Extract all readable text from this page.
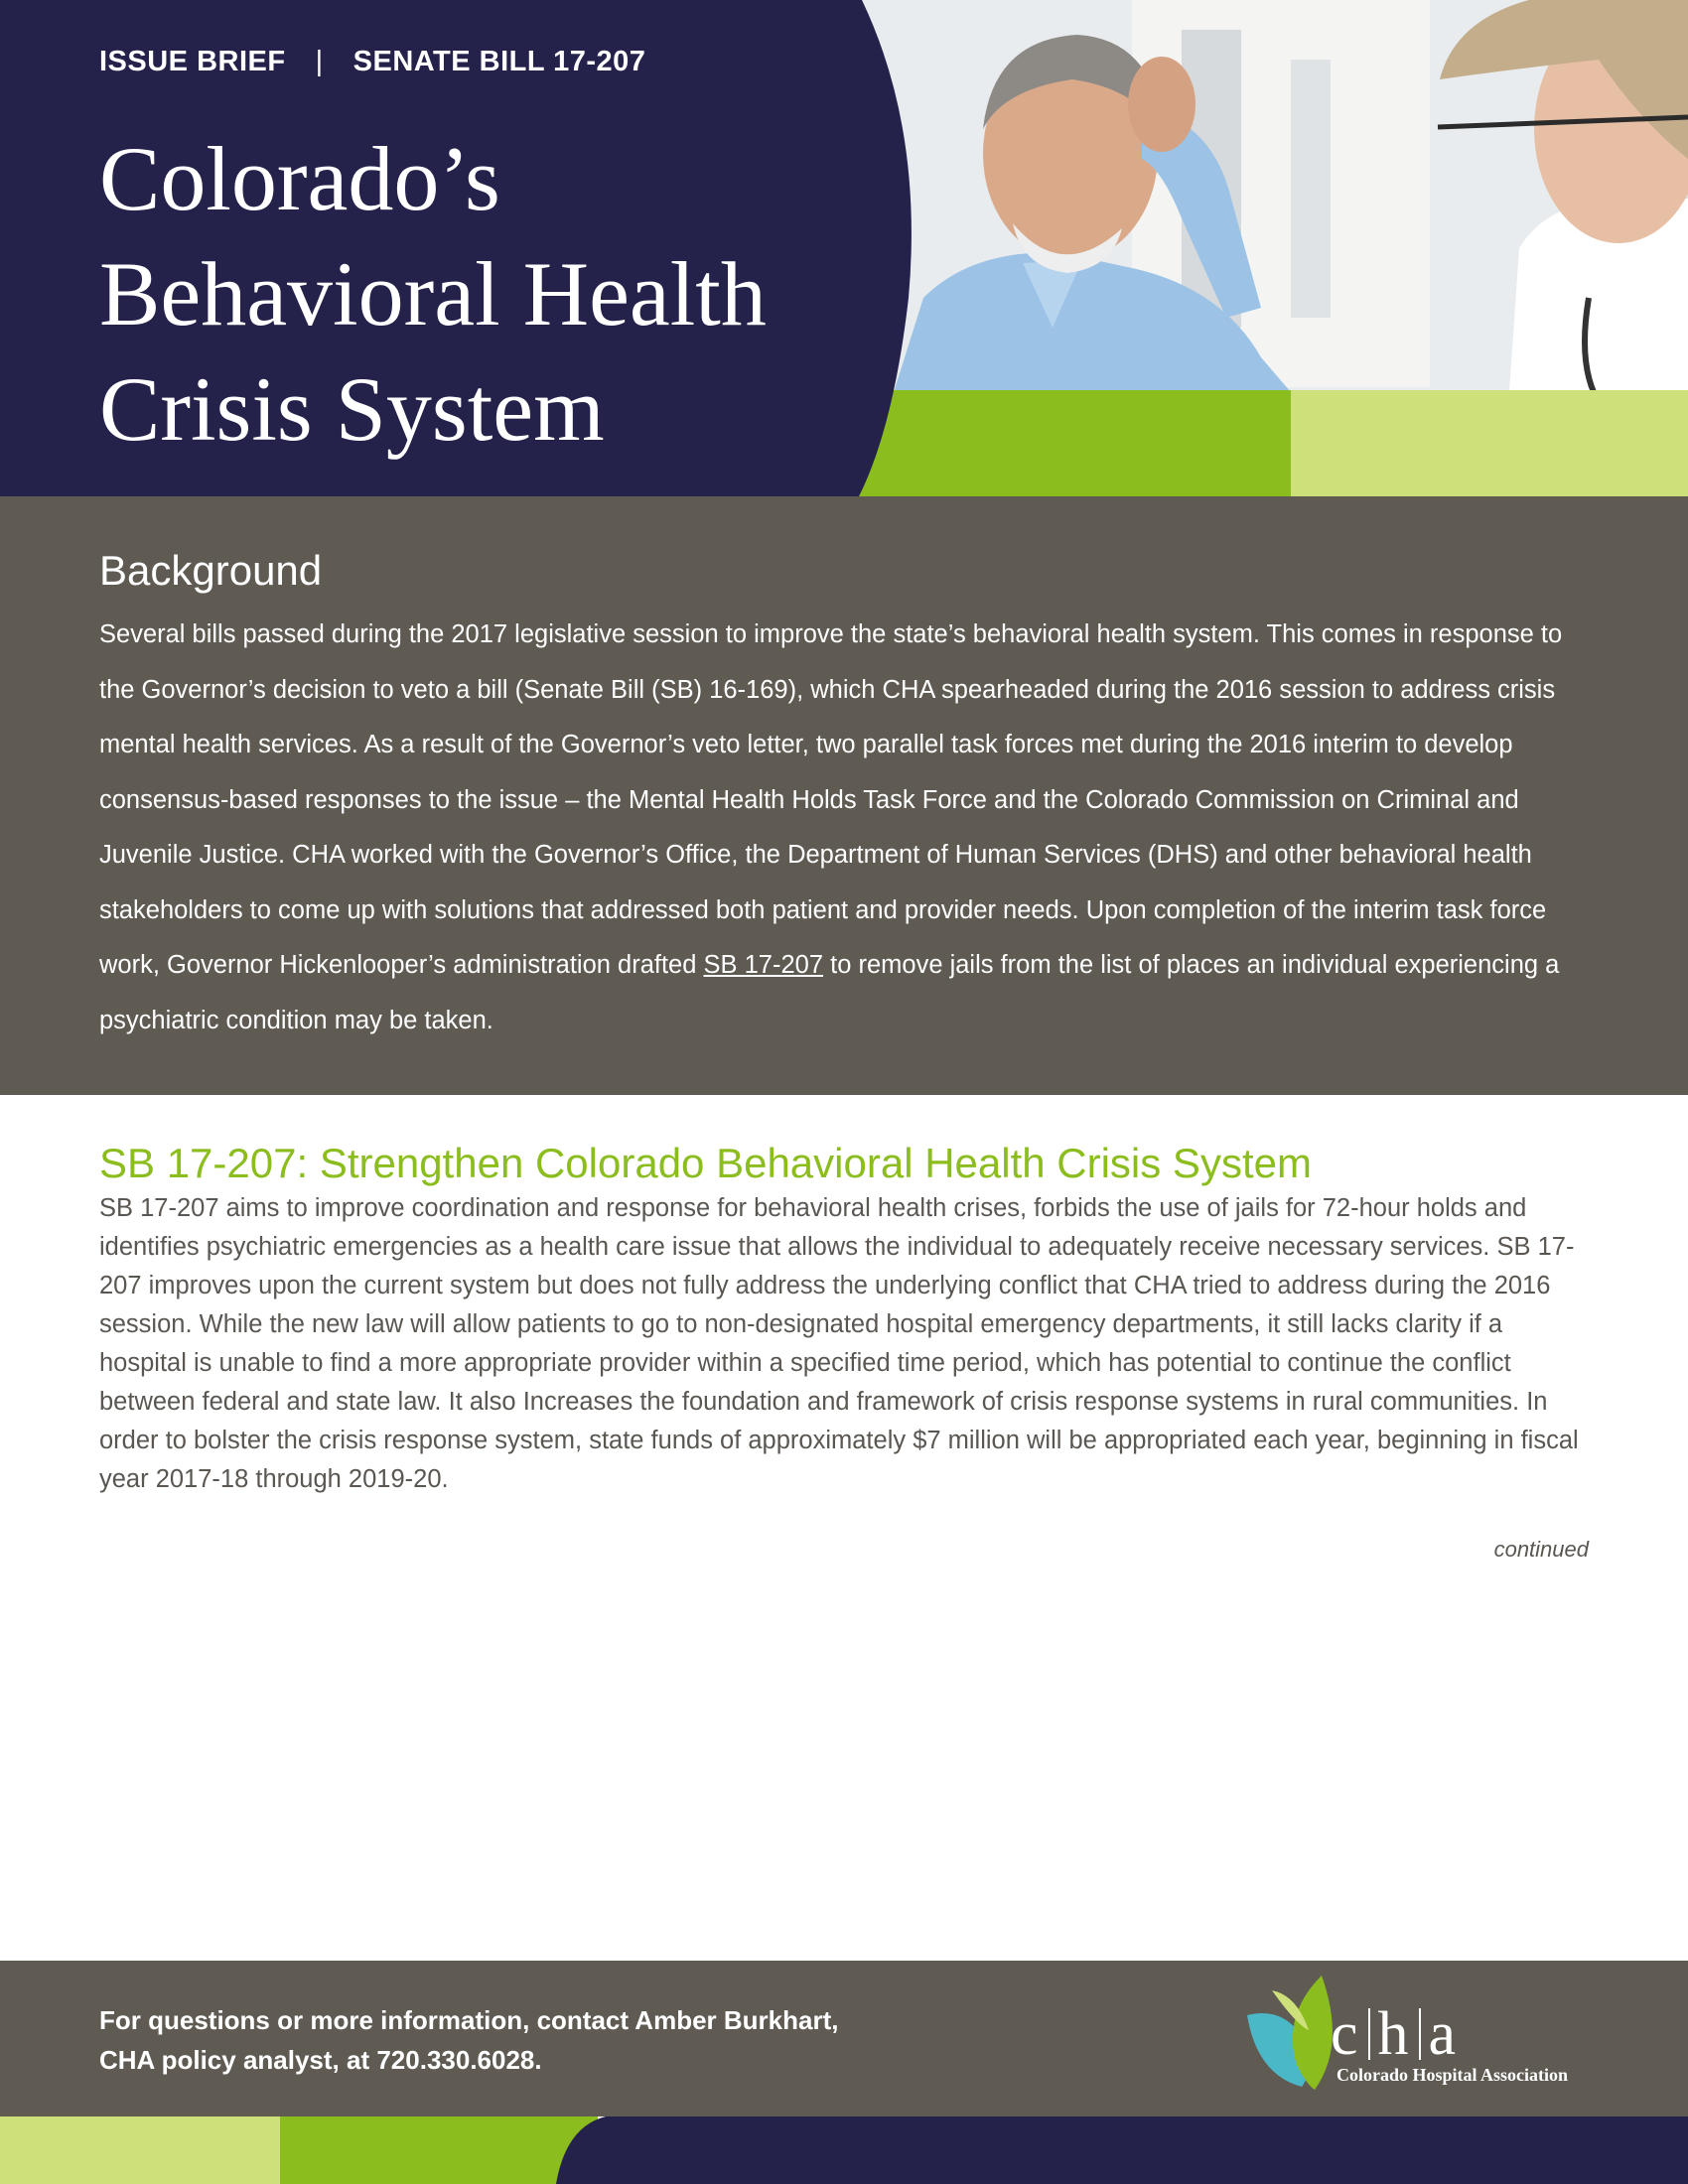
ISSUE BRIEF | SENATE BILL 17-207
Colorado’s
Behavioral Health
Crisis System
Background

Several bills passed during the 2017 legislative session to improve the state’s behavioral health system. This comes in response to the Governor’s decision to veto a bill (Senate Bill (SB) 16-169), which CHA spearheaded during the 2016 session to address crisis mental health services. As a result of the Governor’s veto letter, two parallel task forces met during the 2016 interim to develop consensus-based responses to the issue – the Mental Health Holds Task Force and the Colorado Commission on Criminal and Juvenile Justice. CHA worked with the Governor’s Office, the Department of Human Services (DHS) and other behavioral health stakeholders to come up with solutions that addressed both patient and provider needs. Upon completion of the interim task force work, Governor Hickenlooper’s administration drafted SB 17-207 to remove jails from the list of places an individual experiencing a psychiatric condition may be taken.

SB 17-207: Strengthen Colorado Behavioral Health Crisis System

SB 17-207 aims to improve coordination and response for behavioral health crises, forbids the use of jails for 72-hour holds and identifies psychiatric emergencies as a health care issue that allows the individual to adequately receive necessary services. SB 17-207 improves upon the current system but does not fully address the underlying conflict that CHA tried to address during the 2016 session. While the new law will allow patients to go to non-designated hospital emergency departments, it still lacks clarity if a hospital is unable to find a more appropriate provider within a specified time period, which has potential to continue the conflict between federal and state law. It also Increases the foundation and framework of crisis response systems in rural communities. In order to bolster the crisis response system, state funds of approximately $7 million will be appropriated each year, beginning in fiscal year 2017-18 through 2019-20.

continued
For questions or more information, contact Amber Burkhart,
CHA policy analyst, at 720.330.6028.	c h a
Colorado Hospital Association
